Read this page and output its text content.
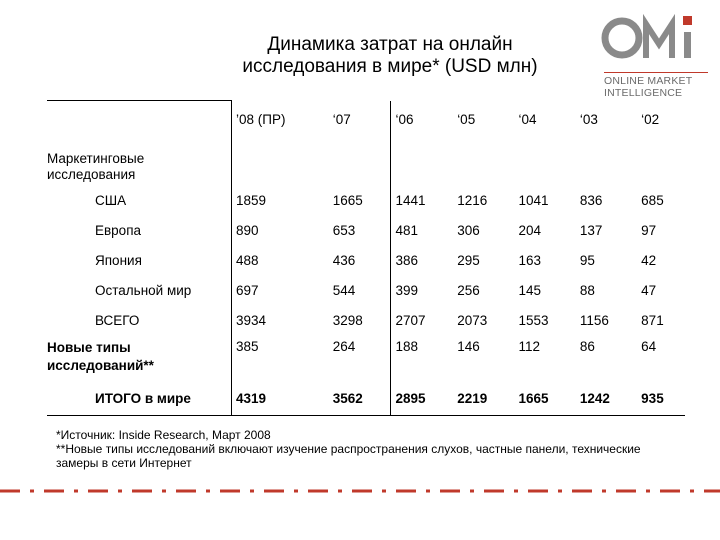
Динамика затрат на онлайн
исследования в мире* (USD млн)
ONLINE MARKET
INTELLIGENCE
	’08 (ПР)	‘07	‘06	‘05	‘04	‘03	‘02
Маркетинговые исследования							
США	1859	1665	1441	1216	1041	836	685
Европа	890	653	481	306	204	137	97
Япония	488	436	386	295	163	95	42
Остальной мир	697	544	399	256	145	88	47
ВСЕГО	3934	3298	2707	2073	1553	1156	871
Новые типы исследований**	385	264	188	146	112	86	64
ИТОГО в мире	4319	3562	2895	2219	1665	1242	935
*Источник: Inside Research, Март 2008
**Новые типы исследований включают изучение распространения слухов, частные панели, технические замеры в сети Интернет
